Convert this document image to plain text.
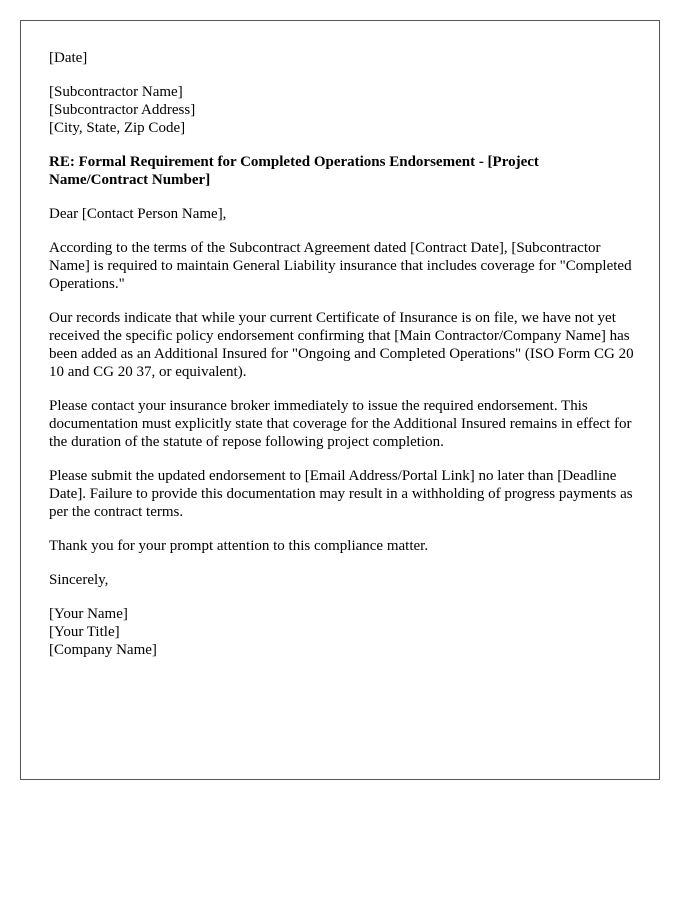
[Date]
[Subcontractor Name]
[Subcontractor Address]
[City, State, Zip Code]
RE: Formal Requirement for Completed Operations Endorsement - [Project Name/Contract Number]
Dear [Contact Person Name],
According to the terms of the Subcontract Agreement dated [Contract Date], [Subcontractor Name] is required to maintain General Liability insurance that includes coverage for "Completed Operations."
Our records indicate that while your current Certificate of Insurance is on file, we have not yet received the specific policy endorsement confirming that [Main Contractor/Company Name] has been added as an Additional Insured for "Ongoing and Completed Operations" (ISO Form CG 20 10 and CG 20 37, or equivalent).
Please contact your insurance broker immediately to issue the required endorsement. This documentation must explicitly state that coverage for the Additional Insured remains in effect for the duration of the statute of repose following project completion.
Please submit the updated endorsement to [Email Address/Portal Link] no later than [Deadline Date]. Failure to provide this documentation may result in a withholding of progress payments as per the contract terms.
Thank you for your prompt attention to this compliance matter.
Sincerely,
[Your Name]
[Your Title]
[Company Name]
